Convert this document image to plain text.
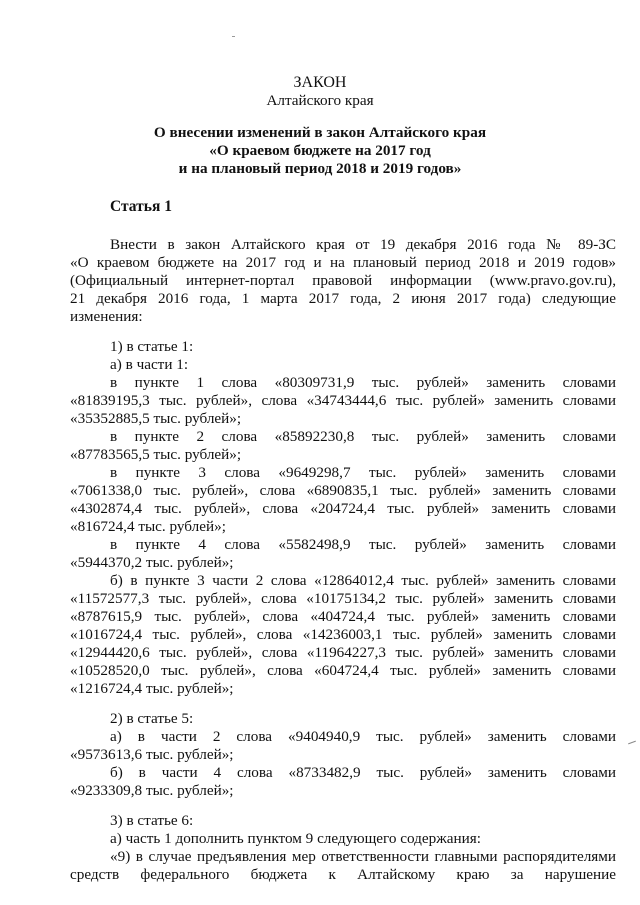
ЗАКОН
Алтайского края
О внесении изменений в закон Алтайского края
«О краевом бюджете на 2017 год
и на плановый период 2018 и 2019 годов»
Статья 1
Внести в закон Алтайского края от 19 декабря 2016 года № 89-ЗС
«О краевом бюджете на 2017 год и на плановый период 2018 и 2019 годов»
(Официальный интернет-портал правовой информации (www.pravo.gov.ru),
21 декабря 2016 года, 1 марта 2017 года, 2 июня 2017 года) следующие
изменения:
1) в статье 1:
а) в части 1:
в пункте 1 слова «80309731,9 тыс. рублей» заменить словами
«81839195,3 тыс. рублей», слова «34743444,6 тыс. рублей» заменить словами
«35352885,5 тыс. рублей»;
в пункте 2 слова «85892230,8 тыс. рублей» заменить словами
«87783565,5 тыс. рублей»;
в пункте 3 слова «9649298,7 тыс. рублей» заменить словами
«7061338,0 тыс. рублей», слова «6890835,1 тыс. рублей» заменить словами
«4302874,4 тыс. рублей», слова «204724,4 тыс. рублей» заменить словами
«816724,4 тыс. рублей»;
в пункте 4 слова «5582498,9 тыс. рублей» заменить словами
«5944370,2 тыс. рублей»;
б) в пункте 3 части 2 слова «12864012,4 тыс. рублей» заменить словами
«11572577,3 тыс. рублей», слова «10175134,2 тыс. рублей» заменить словами
«8787615,9 тыс. рублей», слова «404724,4 тыс. рублей» заменить словами
«1016724,4 тыс. рублей», слова «14236003,1 тыс. рублей» заменить словами
«12944420,6 тыс. рублей», слова «11964227,3 тыс. рублей» заменить словами
«10528520,0 тыс. рублей», слова «604724,4 тыс. рублей» заменить словами
«1216724,4 тыс. рублей»;
2) в статье 5:
а) в части 2 слова «9404940,9 тыс. рублей» заменить словами
«9573613,6 тыс. рублей»;
б) в части 4 слова «8733482,9 тыс. рублей» заменить словами
«9233309,8 тыс. рублей»;
3) в статье 6:
а) часть 1 дополнить пунктом 9 следующего содержания:
«9) в случае предъявления мер ответственности главными распорядителями
средств федерального бюджета к Алтайскому краю за нарушение
